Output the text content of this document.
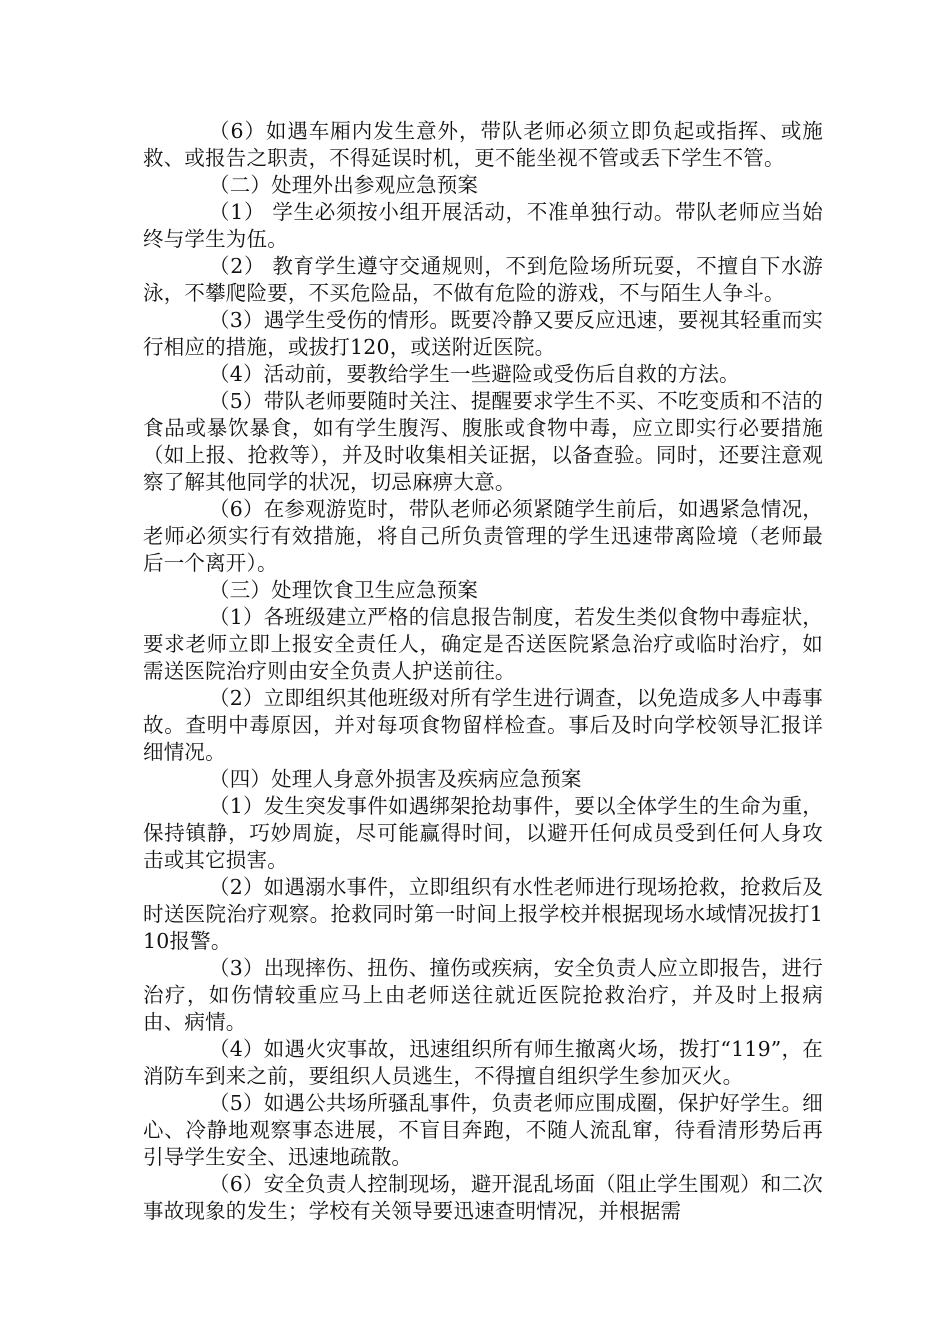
（6）如遇车厢内发生意外，带队老师必须立即负起或指挥、或施救、或报告之职责，不得延误时机，更不能坐视不管或丢下学生不管。

（二）处理外出参观应急预案

（1） 学生必须按小组开展活动，不准单独行动。带队老师应当始终与学生为伍。

（2） 教育学生遵守交通规则，不到危险场所玩耍，不擅自下水游泳，不攀爬险要，不买危险品，不做有危险的游戏，不与陌生人争斗。

（3）遇学生受伤的情形。既要冷静又要反应迅速，要视其轻重而实行相应的措施，或拔打120，或送附近医院。

（4）活动前，要教给学生一些避险或受伤后自救的方法。

（5）带队老师要随时关注、提醒要求学生不买、不吃变质和不洁的食品或暴饮暴食，如有学生腹泻、腹胀或食物中毒，应立即实行必要措施（如上报、抢救等），并及时收集相关证据，以备查验。同时，还要注意观察了解其他同学的状况，切忌麻痹大意。

（6）在参观游览时，带队老师必须紧随学生前后，如遇紧急情况，老师必须实行有效措施，将自己所负责管理的学生迅速带离险境（老师最后一个离开）。

（三）处理饮食卫生应急预案

（1）各班级建立严格的信息报告制度，若发生类似食物中毒症状，要求老师立即上报安全责任人，确定是否送医院紧急治疗或临时治疗，如需送医院治疗则由安全负责人护送前往。

（2）立即组织其他班级对所有学生进行调查，以免造成多人中毒事故。查明中毒原因，并对每项食物留样检查。事后及时向学校领导汇报详细情况。

（四）处理人身意外损害及疾病应急预案

（1）发生突发事件如遇绑架抢劫事件，要以全体学生的生命为重，保持镇静，巧妙周旋，尽可能赢得时间，以避开任何成员受到任何人身攻击或其它损害。

（2）如遇溺水事件，立即组织有水性老师进行现场抢救，抢救后及时送医院治疗观察。抢救同时第一时间上报学校并根据现场水域情况拔打110报警。

（3）出现摔伤、扭伤、撞伤或疾病，安全负责人应立即报告，进行治疗，如伤情较重应马上由老师送往就近医院抢救治疗，并及时上报病由、病情。

（4）如遇火灾事故，迅速组织所有师生撤离火场，拨打“119”，在消防车到来之前，要组织人员逃生，不得擅自组织学生参加灭火。

（5）如遇公共场所骚乱事件，负责老师应围成圈，保护好学生。细心、冷静地观察事态进展，不盲目奔跑，不随人流乱窜，待看清形势后再引导学生安全、迅速地疏散。

（6）安全负责人控制现场，避开混乱场面（阻止学生围观）和二次事故现象的发生；学校有关领导要迅速查明情况，并根据需
